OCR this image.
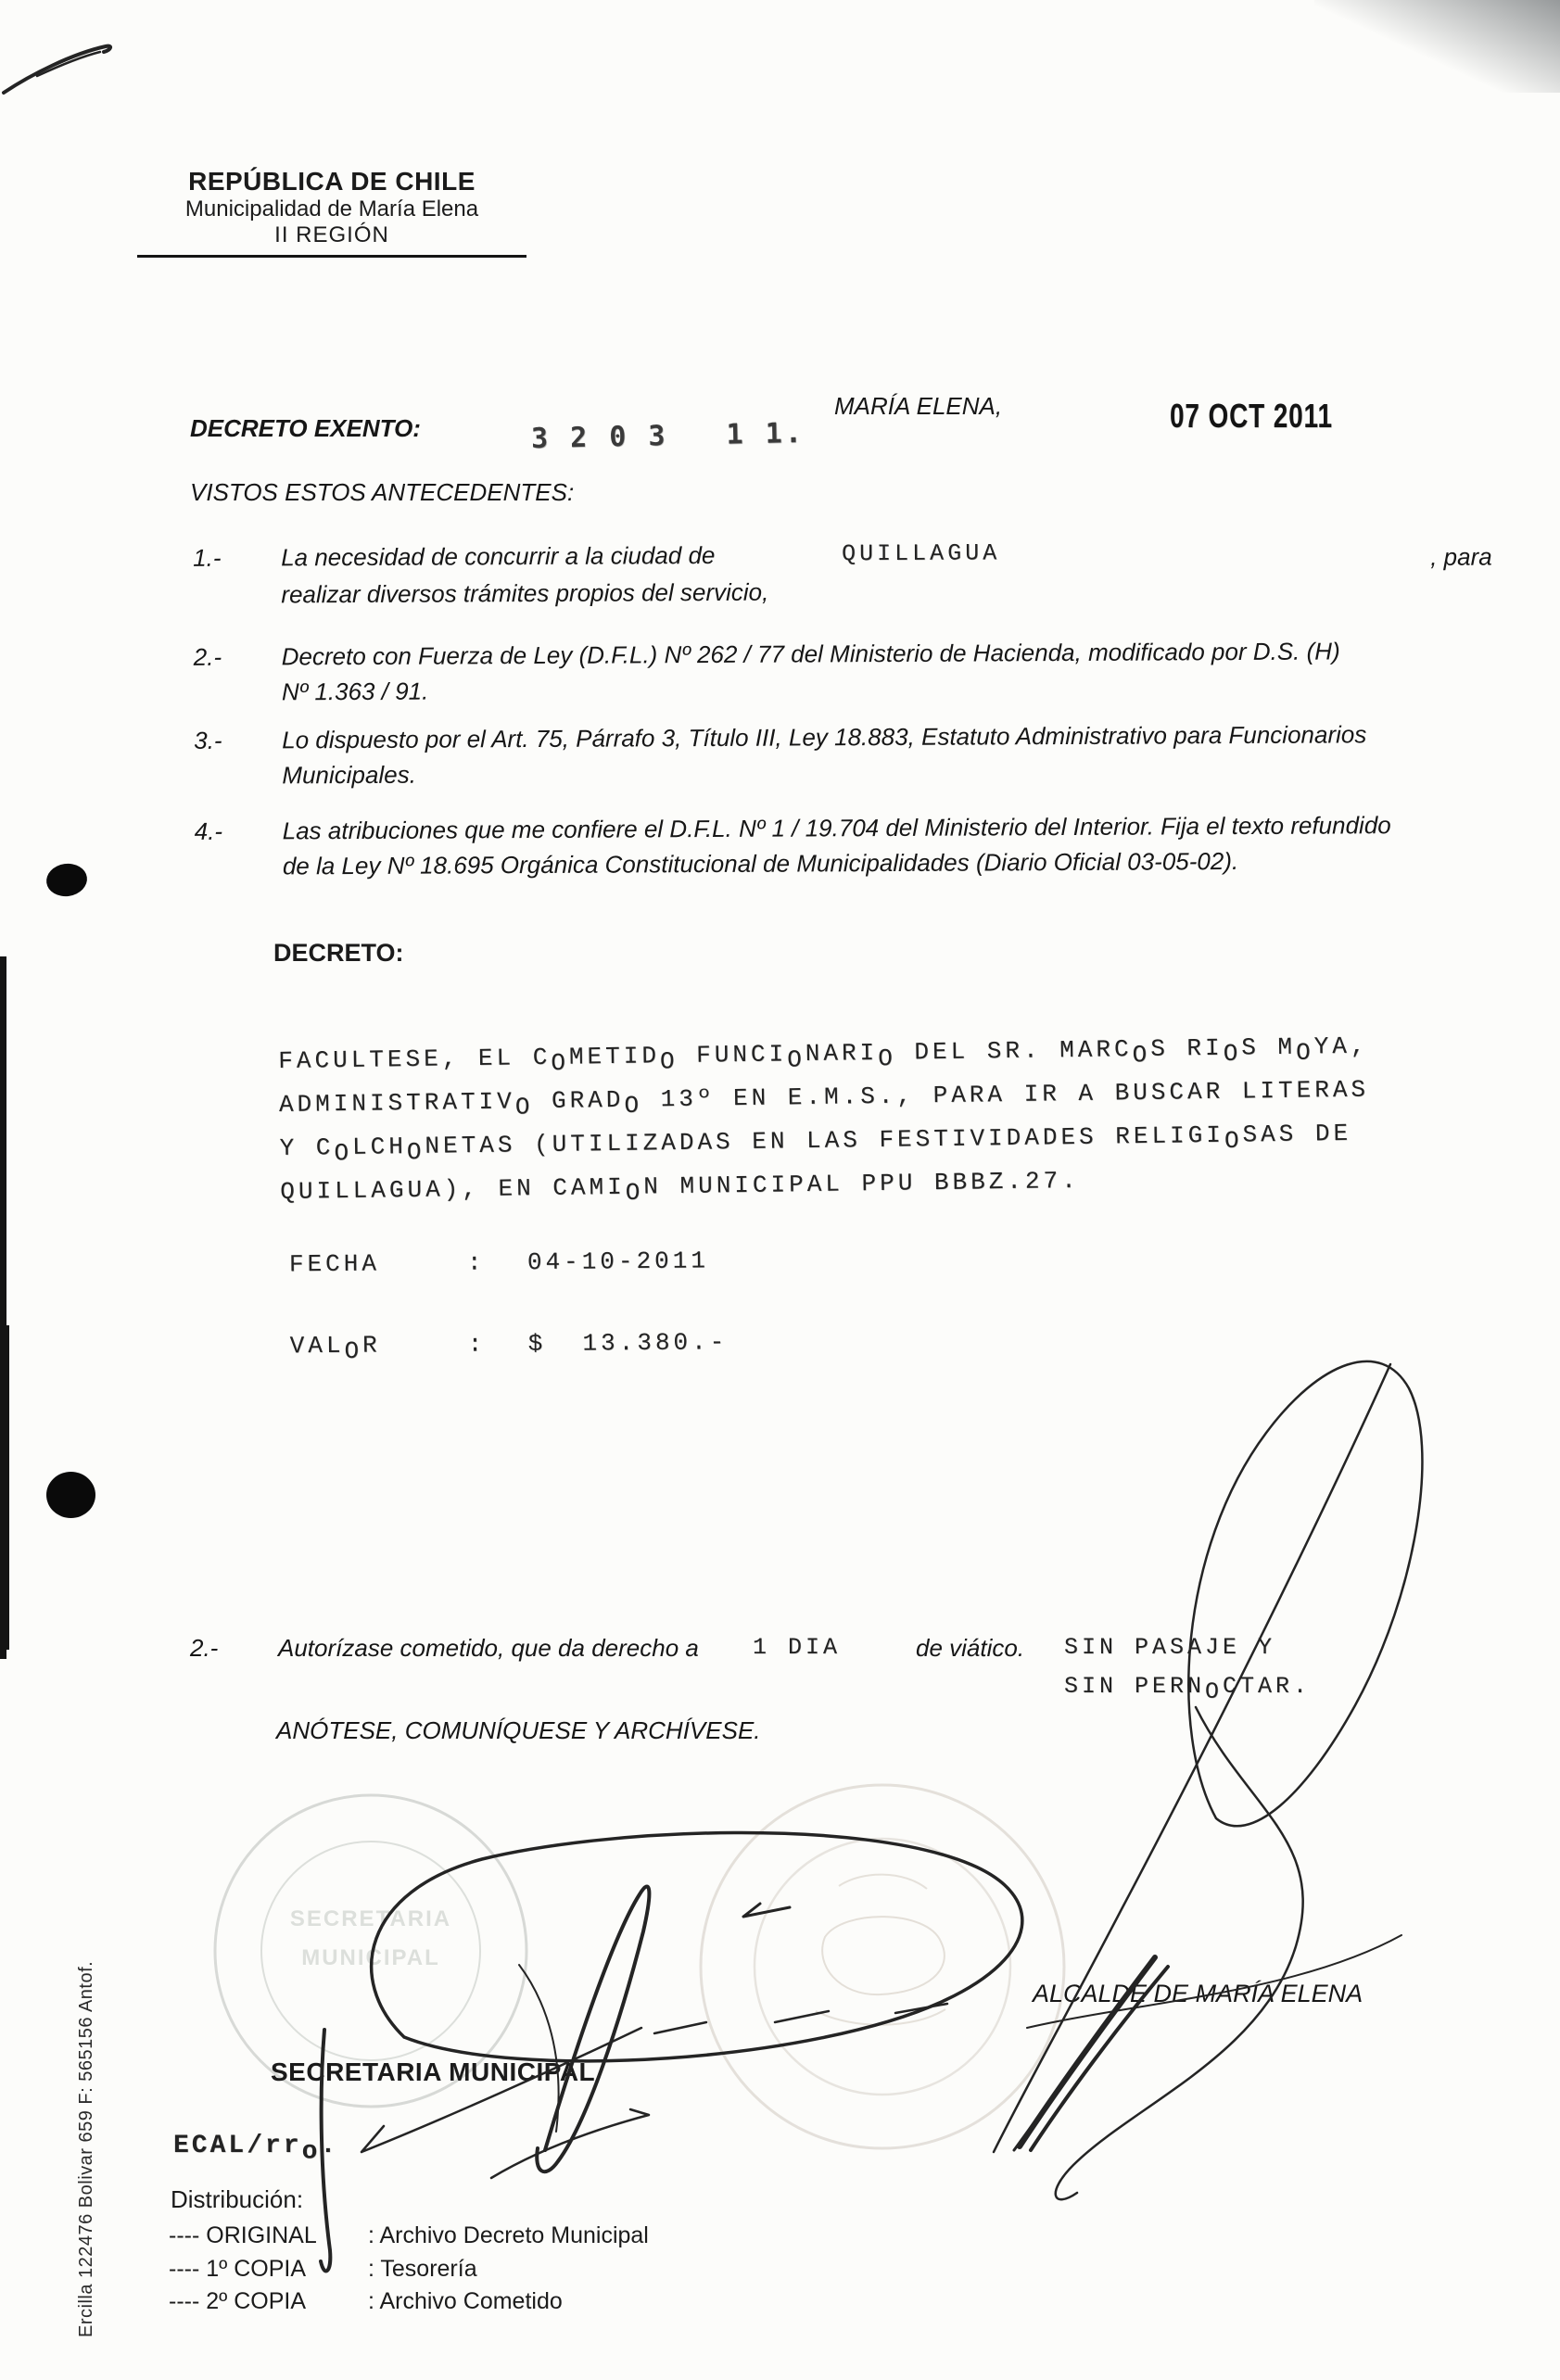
SECRETARIA
MUNICIPAL
REPÚBLICA DE CHILE
Municipalidad de María Elena
II REGIÓN
DECRETO EXENTO:	3 2 0 3   1 1.
MARÍA ELENA,	07 OCT 2011
VISTOS ESTOS ANTECEDENTES:
1.- La necesidad de concurrir a la ciudad de	QUILLAGUA	, para
realizar diversos trámites propios del servicio,
2.- Decreto con Fuerza de Ley (D.F.L.) Nº 262 / 77 del Ministerio de Hacienda, modificado por D.S. (H)
Nº 1.363 / 91.
3.- Lo dispuesto por el Art. 75, Párrafo 3, Título III, Ley 18.883, Estatuto Administrativo para Funcionarios
Municipales.
4.- Las atribuciones que me confiere el D.F.L. Nº 1 / 19.704 del Ministerio del Interior. Fija el texto refundido
de la Ley Nº 18.695 Orgánica Constitucional de Municipalidades (Diario Oficial 03-05-02).
DECRETO:
FACULTESE, EL COMETIDO FUNCIONARIO DEL SR. MARCOS RIOS MOYA,
ADMINISTRATIVO GRADO 13º EN E.M.S., PARA IR A BUSCAR LITERAS
Y COLCHONETAS (UTILIZADAS EN LAS FESTIVIDADES RELIGIOSAS DE
QUILLAGUA), EN CAMION MUNICIPAL PPU BBBZ.27.
FECHA	: 04-10-2011
VALOR	: $  13.380.-
2.- Autorízase cometido, que da derecho a 1 DIA	de viático. SIN PASAJE Y
SIN PERNOCTAR.
ANÓTESE, COMUNÍQUESE Y ARCHÍVESE.
SECRETARIA MUNICIPAL
ALCALDE DE MARÍA ELENA
ECAL/rro.
Distribución:
---- ORIGINAL : Archivo Decreto Municipal
---- 1º COPIA	: Tesorería
---- 2º COPIA	: Archivo Cometido
Ercilla 122476 Bolivar 659 F: 565156 Antof.
